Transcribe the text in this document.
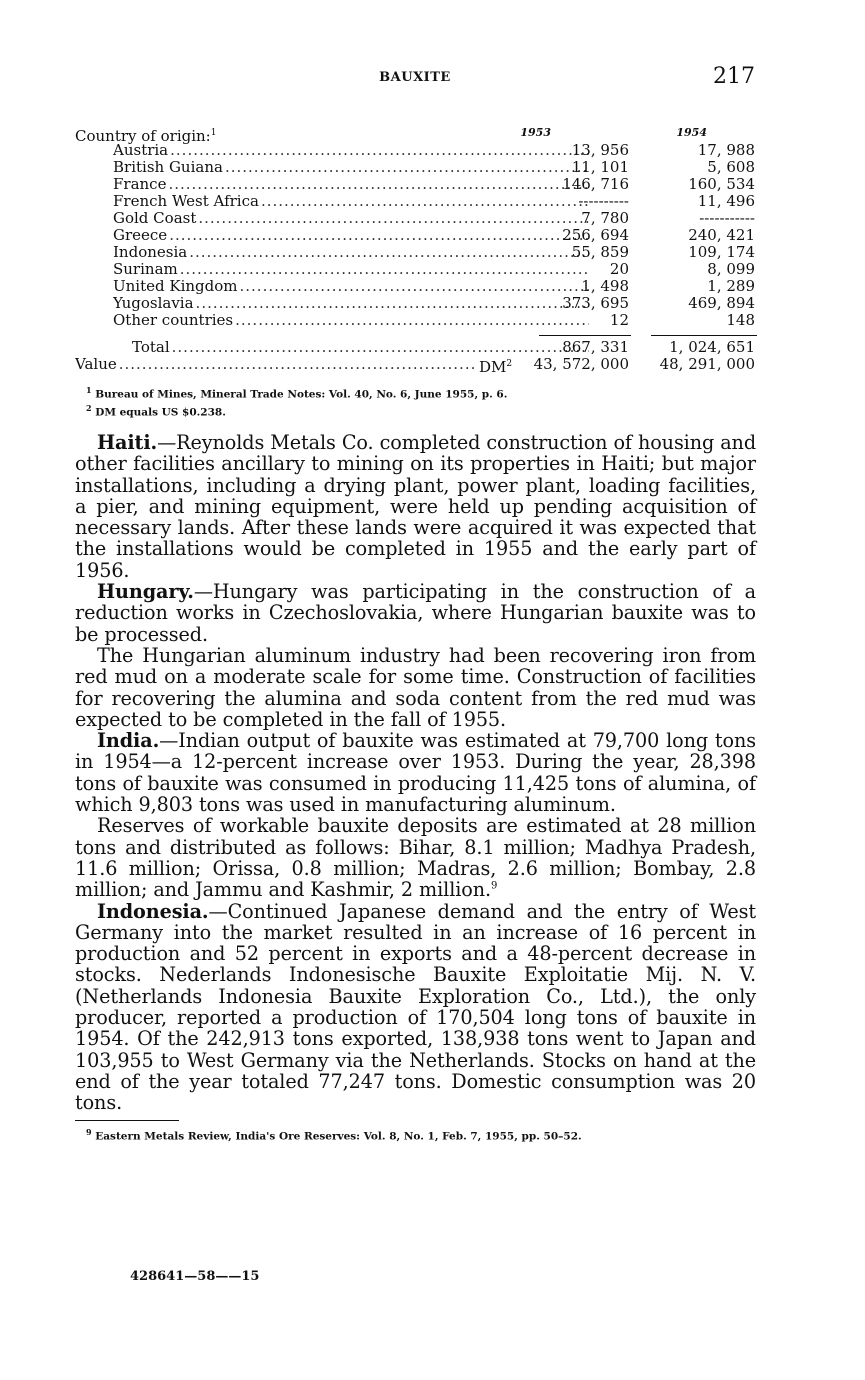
BAUXITE	217
Country of origin:$^1$	1953	1954
Austria .....	13, 956	17, 988
British Guiana .....	11, 101	5, 608
France .....	146, 716	160, 534
French West Africa .....	----------	11, 496
Gold Coast .....	7, 780	-----------
Greece .....	256, 694	240, 421
Indonesia .....	55, 859	109, 174
Surinam .....	20	8, 099
United Kingdom .....	1, 498	1, 289
Yugoslavia .....	373, 695	469, 894
Other countries .....	12	148
Total .....	867, 331	1, 024, 651
Value .....	$DM^2$	43, 572, 000	48, 291, 000
$^1$ Bureau of Mines, Mineral Trade Notes: Vol. 40, No. 6, June 1955, p. 6.
$^2$ DM equals US $0.238.

Haiti.—Reynolds Metals Co. completed construction of housing and other facilities ancillary to mining on its properties in Haiti; but major installations, including a drying plant, power plant, loading facilities, a pier, and mining equipment, were held up pending acquisition of necessary lands. After these lands were acquired it was expected that the installations would be completed in 1955 and the early part of 1956.

Hungary.—Hungary was participating in the construction of a reduction works in Czechoslovakia, where Hungarian bauxite was to be processed.

The Hungarian aluminum industry had been recovering iron from red mud on a moderate scale for some time. Construction of facilities for recovering the alumina and soda content from the red mud was expected to be completed in the fall of 1955.

India.—Indian output of bauxite was estimated at 79,700 long tons in 1954—a 12-percent increase over 1953. During the year, 28,398 tons of bauxite was consumed in producing 11,425 tons of alumina, of which 9,803 tons was used in manufacturing aluminum.

Reserves of workable bauxite deposits are estimated at 28 million tons and distributed as follows: Bihar, 8.1 million; Madhya Pradesh, 11.6 million; Orissa, 0.8 million; Madras, 2.6 million; Bombay, 2.8 million; and Jammu and Kashmir, 2 million.$^9$

Indonesia.—Continued Japanese demand and the entry of West Germany into the market resulted in an increase of 16 percent in production and 52 percent in exports and a 48-percent decrease in stocks. Nederlands Indonesische Bauxite Exploitatie Mij. N. V. (Netherlands Indonesia Bauxite Exploration Co., Ltd.), the only producer, reported a production of 170,504 long tons of bauxite in 1954. Of the 242,913 tons exported, 138,938 tons went to Japan and 103,955 to West Germany via the Netherlands. Stocks on hand at the end of the year totaled 77,247 tons. Domestic consumption was 20 tons.

$^9$ Eastern Metals Review, India's Ore Reserves: Vol. 8, No. 1, Feb. 7, 1955, pp. 50–52.
428641—58——15
